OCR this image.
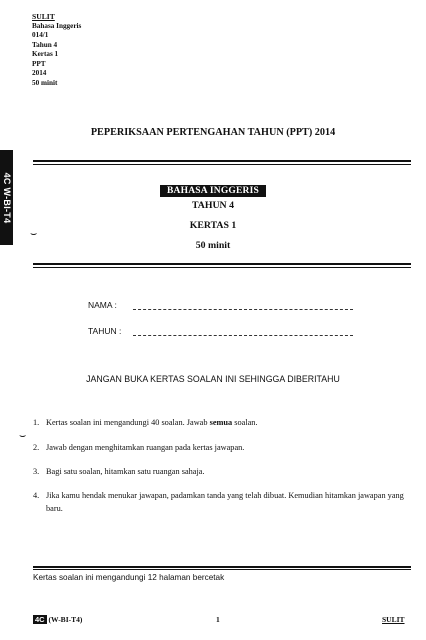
SULIT
Bahasa Inggeris
014/1
Tahun 4
Kertas 1
PPT
2014
50 minit
4C W-BI-T4
⌣
PEPERIKSAAN PERTENGAHAN TAHUN (PPT) 2014
BAHASA INGGERIS
TAHUN 4
KERTAS 1
50 minit
NAMA :
TAHUN :
JANGAN BUKA KERTAS SOALAN INI SEHINGGA DIBERITAHU
1. Kertas soalan ini mengandungi 40 soalan. Jawab semua soalan.
⌣
2. Jawab dengan menghitamkan ruangan pada kertas jawapan.
3. Bagi satu soalan, hitamkan satu ruangan sahaja.
4. Jika kamu hendak menukar jawapan, padamkan tanda yang telah dibuat. Kemudian hitamkan jawapan yang baru.
Kertas soalan ini mengandungi 12 halaman bercetak
4C (W-BI-T4)	1	SULIT
